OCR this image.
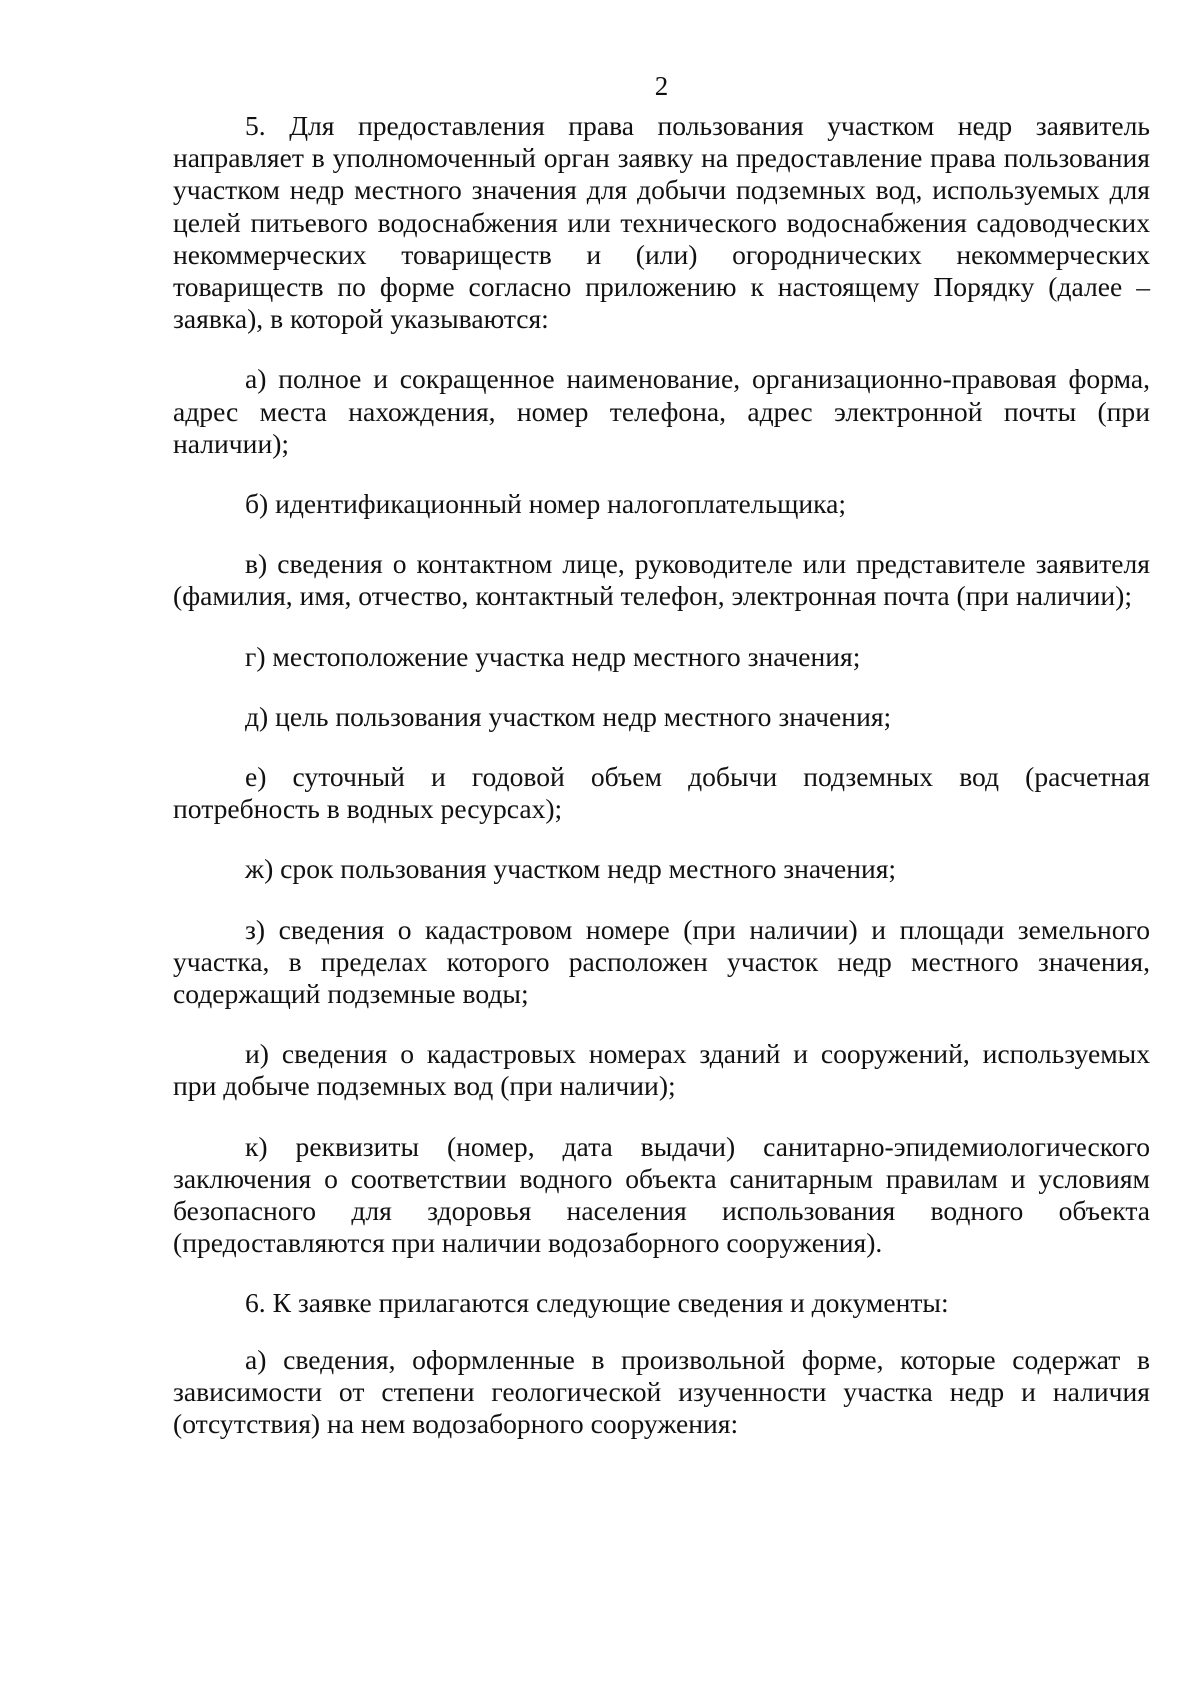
2

5. Для предоставления права пользования участком недр заявитель направляет в уполномоченный орган заявку на предоставление права пользования участком недр местного значения для добычи подземных вод, используемых для целей питьевого водоснабжения или технического водоснабжения садоводческих некоммерческих товариществ и (или) огороднических некоммерческих товариществ по форме согласно приложению к настоящему Порядку (далее – заявка), в которой указываются:

а) полное и сокращенное наименование, организационно-правовая форма, адрес места нахождения, номер телефона, адрес электронной почты (при наличии);

б) идентификационный номер налогоплательщика;

в) сведения о контактном лице, руководителе или представителе заявителя (фамилия, имя, отчество, контактный телефон, электронная почта (при наличии);

г) местоположение участка недр местного значения;

д) цель пользования участком недр местного значения;

е) суточный и годовой объем добычи подземных вод (расчетная потребность в водных ресурсах);

ж) срок пользования участком недр местного значения;

з) сведения о кадастровом номере (при наличии) и площади земельного участка, в пределах которого расположен участок недр местного значения, содержащий подземные воды;

и) сведения о кадастровых номерах зданий и сооружений, используемых при добыче подземных вод (при наличии);

к) реквизиты (номер, дата выдачи) санитарно-эпидемиологического заключения о соответствии водного объекта санитарным правилам и условиям безопасного для здоровья населения использования водного объекта (предоставляются при наличии водозаборного сооружения).

6. К заявке прилагаются следующие сведения и документы:

а) сведения, оформленные в произвольной форме, которые содержат в зависимости от степени геологической изученности участка недр и наличия (отсутствия) на нем водозаборного сооружения:
